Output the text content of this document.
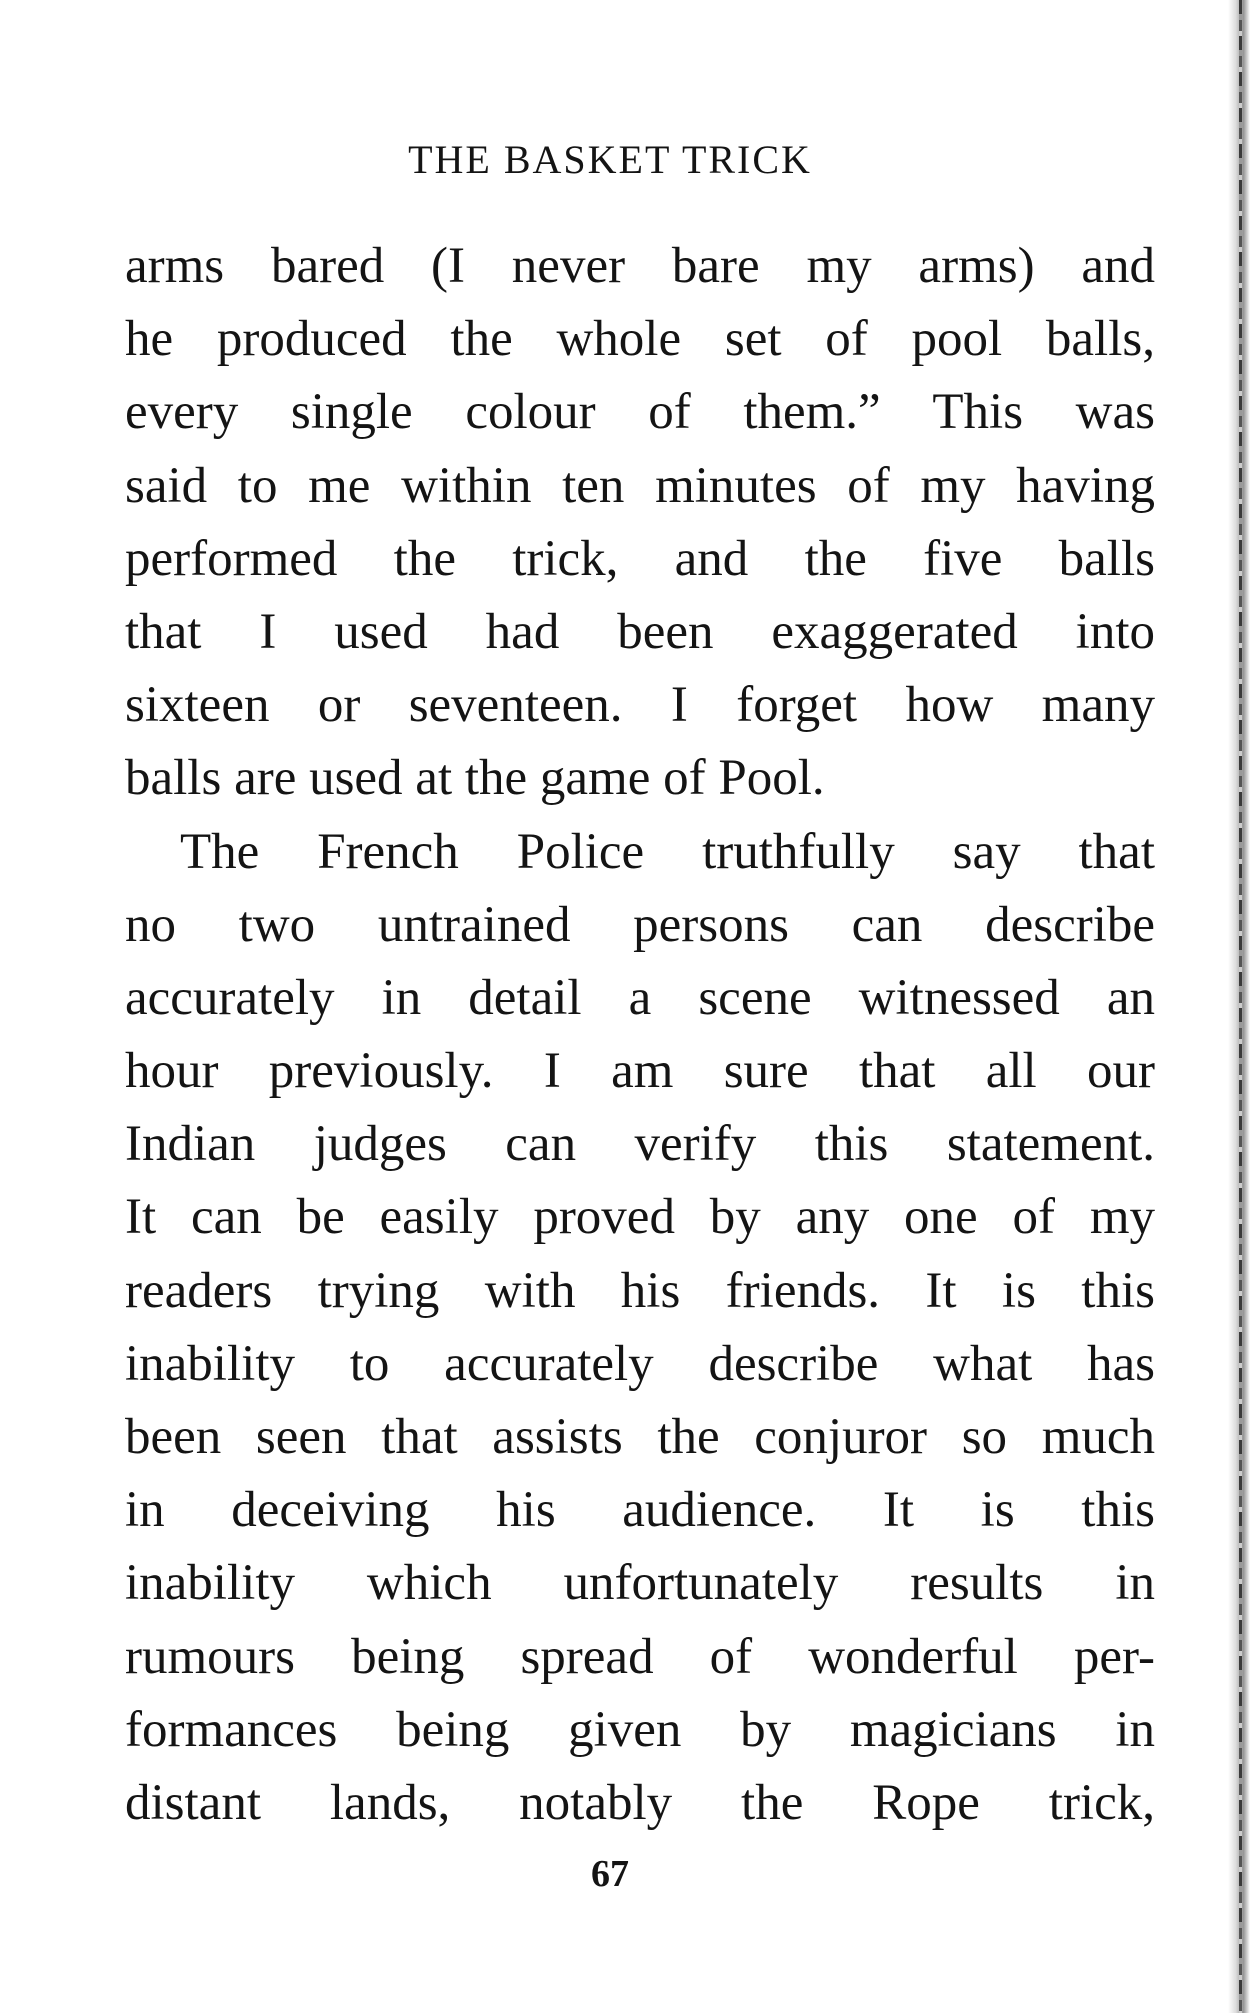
THE BASKET TRICK
arms bared (I never bare my arms) and
he produced the whole set of pool balls,
every single colour of them.” This was
said to me within ten minutes of my having
performed the trick, and the five balls
that I used had been exaggerated into
sixteen or seventeen. I forget how many
balls are used at the game of Pool.
The French Police truthfully say that
no two untrained persons can describe
accurately in detail a scene witnessed an
hour previously. I am sure that all our
Indian judges can verify this statement.
It can be easily proved by any one of my
readers trying with his friends. It is this
inability to accurately describe what has
been seen that assists the conjuror so much
in deceiving his audience. It is this
inability which unfortunately results in
rumours being spread of wonderful per-
formances being given by magicians in
distant lands, notably the Rope trick,
67
